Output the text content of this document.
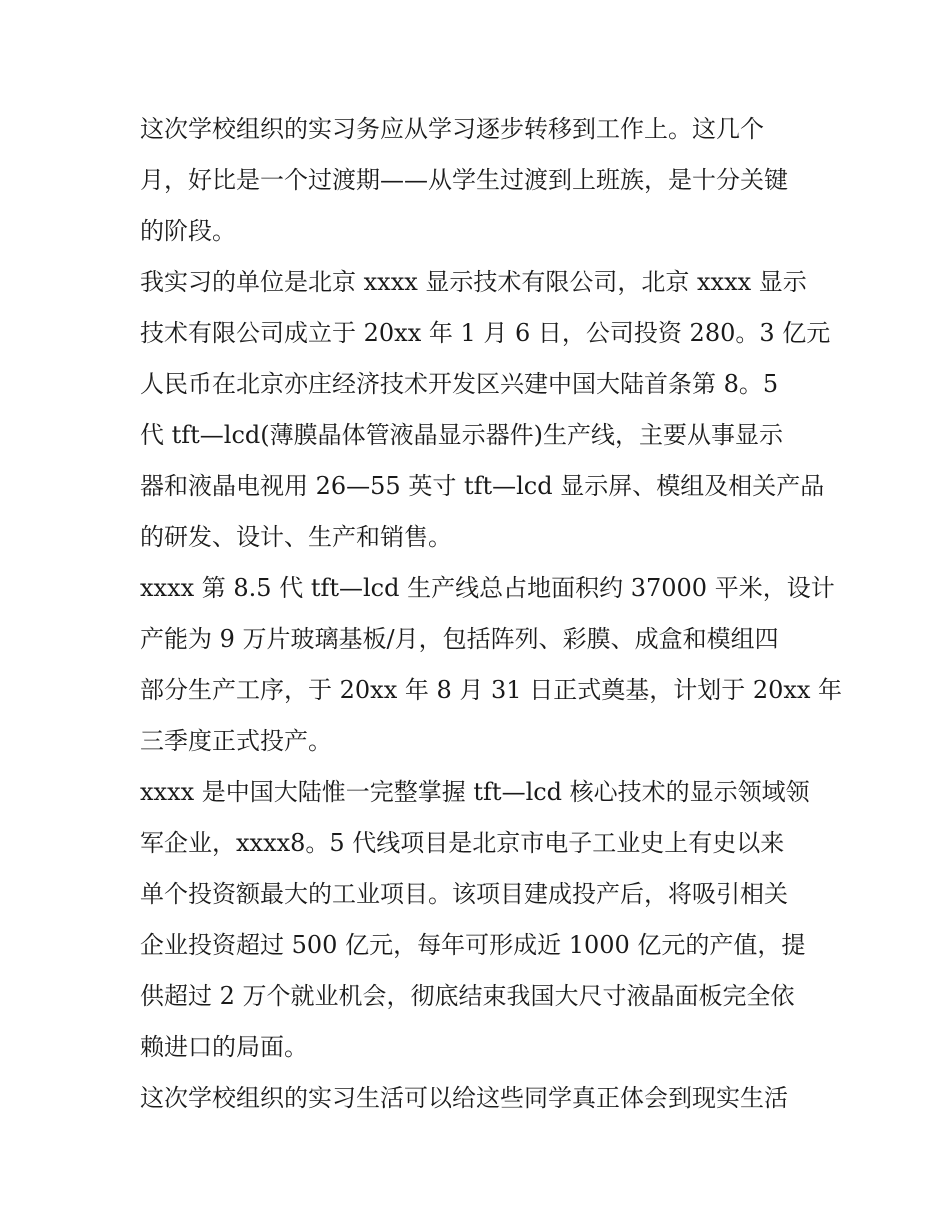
这次学校组织的实习务应从学习逐步转移到工作上。这几个
月，好比是一个过渡期——从学生过渡到上班族，是十分关键
的阶段。
我实习的单位是北京 xxxx 显示技术有限公司，北京 xxxx 显示
技术有限公司成立于 20xx 年 1 月 6 日，公司投资 280。3 亿元
人民币在北京亦庄经济技术开发区兴建中国大陆首条第 8。5
代 tft—lcd(薄膜晶体管液晶显示器件)生产线，主要从事显示
器和液晶电视用 26—55 英寸 tft—lcd 显示屏、模组及相关产品
的研发、设计、生产和销售。
xxxx 第 8.5 代 tft—lcd 生产线总占地面积约 37000 平米，设计
产能为 9 万片玻璃基板/月，包括阵列、彩膜、成盒和模组四
部分生产工序，于 20xx 年 8 月 31 日正式奠基，计划于 20xx 年
三季度正式投产。
xxxx 是中国大陆惟一完整掌握 tft—lcd 核心技术的显示领域领
军企业，xxxx8。5 代线项目是北京市电子工业史上有史以来
单个投资额最大的工业项目。该项目建成投产后，将吸引相关
企业投资超过 500 亿元，每年可形成近 1000 亿元的产值，提
供超过 2 万个就业机会，彻底结束我国大尺寸液晶面板完全依
赖进口的局面。
这次学校组织的实习生活可以给这些同学真正体会到现实生活
